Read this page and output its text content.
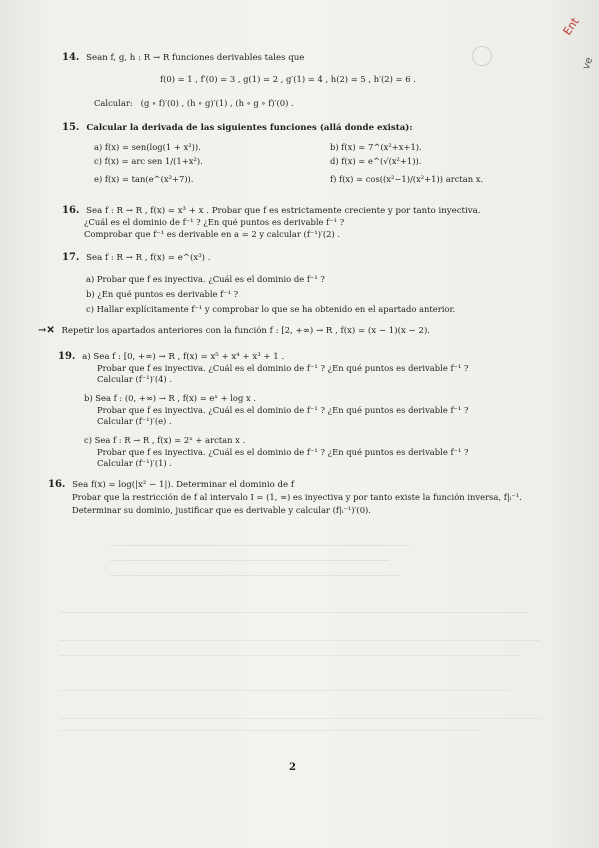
Ent
ve
14. Sean f, g, h : R → R funciones derivables tales que
f(0) = 1 , f′(0) = 3 , g(1) = 2 , g′(1) = 4 , h(2) = 5 , h′(2) = 6 .
Calcular: (g ∘ f)′(0) , (h ∘ g)′(1) , (h ∘ g ∘ f)′(0) .
15. Calcular la derivada de las siguientes funciones (allá donde exista):
a) f(x) = sen(log(1 + x²)).	b) f(x) = 7^(x²+x+1).
c) f(x) = arc sen 1/(1+x²).	d) f(x) = e^(√(x²+1)).
e) f(x) = tan(e^(x²+7)).	f) f(x) = cos((x²−1)/(x²+1)) arctan x.
16. Sea f : R → R , f(x) = x³ + x . Probar que f es estrictamente creciente y por tanto inyectiva.
¿Cuál es el dominio de f⁻¹ ? ¿En qué puntos es derivable f⁻¹ ?
Comprobar que f⁻¹ es derivable en a = 2 y calcular (f⁻¹)′(2) .
17. Sea f : R → R , f(x) = e^(x³) .
a) Probar que f es inyectiva. ¿Cuál es el dominio de f⁻¹ ?
b) ¿En qué puntos es derivable f⁻¹ ?
c) Hallar explícitamente f⁻¹ y comprobar lo que se ha obtenido en el apartado anterior.
→✕ Repetir los apartados anteriores con la función f : [2, +∞) → R , f(x) = (x − 1)(x − 2).
19. a) Sea f : [0, +∞) → R , f(x) = x⁵ + x⁴ + x³ + 1 .
Probar que f es inyectiva. ¿Cuál es el dominio de f⁻¹ ? ¿En qué puntos es derivable f⁻¹ ?
Calcular (f⁻¹)′(4) .
b) Sea f : (0, +∞) → R , f(x) = eˣ + log x .
Probar que f es inyectiva. ¿Cuál es el dominio de f⁻¹ ? ¿En qué puntos es derivable f⁻¹ ?
Calcular (f⁻¹)′(e) .
c) Sea f : R → R , f(x) = 2ˣ + arctan x .
Probar que f es inyectiva. ¿Cuál es el dominio de f⁻¹ ? ¿En qué puntos es derivable f⁻¹ ?
Calcular (f⁻¹)′(1) .
16. Sea f(x) = log(|x² − 1|). Determinar el dominio de f
Probar que la restricción de f al intervalo I = (1, ∞) es inyectiva y por tanto existe la función inversa, f|ᵢ⁻¹.
Determinar su dominio, justificar que es derivable y calcular (f|ᵢ⁻¹)′(0).
2
